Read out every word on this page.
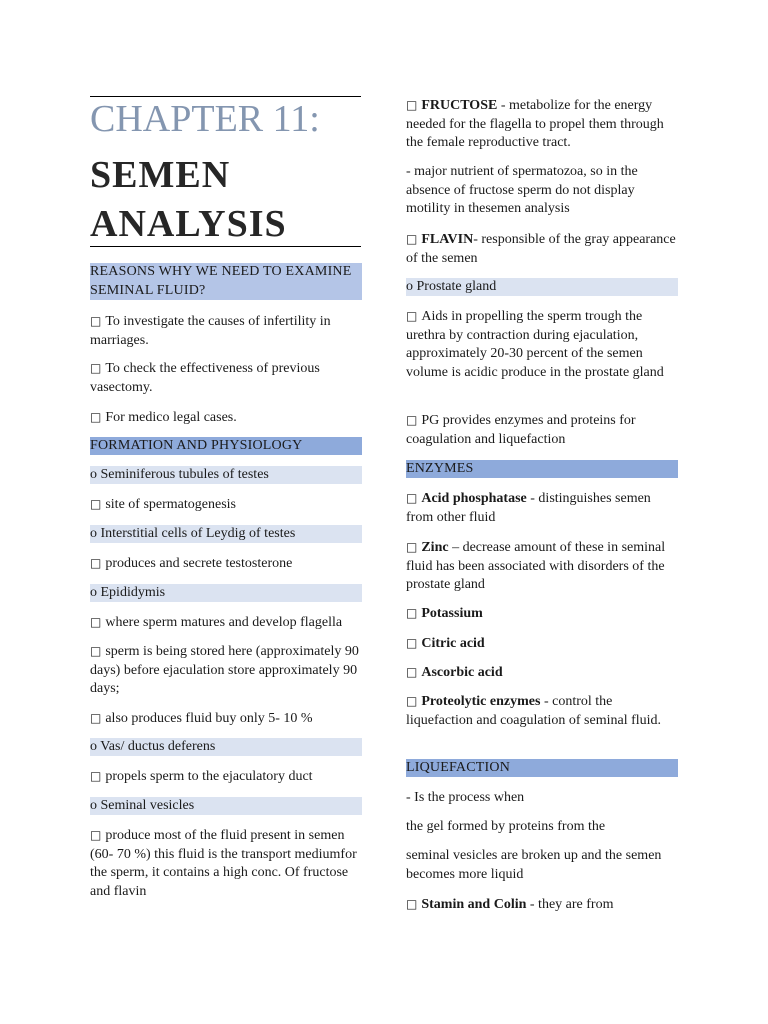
CHAPTER 11:
SEMEN
ANALYSIS
REASONS WHY WE NEED TO EXAMINE SEMINAL FLUID?
□ To investigate the causes of infertility in marriages.
□ To check the effectiveness of previous vasectomy.
□ For medico legal cases.
FORMATION AND PHYSIOLOGY
o Seminiferous tubules of testes
□ site of spermatogenesis
o Interstitial cells of Leydig of testes
□ produces and secrete testosterone
o Epididymis
□ where sperm matures and develop flagella
□ sperm is being stored here (approximately 90 days) before ejaculation store approximately 90 days;
□ also produces fluid buy only 5- 10 %
o Vas/ ductus deferens
□ propels sperm to the ejaculatory duct
o Seminal vesicles
□ produce most of the fluid present in semen (60- 70 %) this fluid is the transport mediumfor the sperm, it contains a high conc. Of fructose and flavin
□ FRUCTOSE - metabolize for the energy needed for the flagella to propel them through the female reproductive tract.
- major nutrient of spermatozoa, so in the absence of fructose sperm do not display motility in thesemen analysis
□ FLAVIN- responsible of the gray appearance of the semen
o Prostate gland
□ Aids in propelling the sperm trough the urethra by contraction during ejaculation, approximately 20-30 percent of the semen volume is acidic produce in the prostate gland
□ PG provides enzymes and proteins for coagulation and liquefaction
ENZYMES
□ Acid phosphatase - distinguishes semen from other fluid
□ Zinc – decrease amount of these in seminal fluid has been associated with disorders of the prostate gland
□ Potassium
□ Citric acid
□ Ascorbic acid
□ Proteolytic enzymes - control the liquefaction and coagulation of seminal fluid.
LIQUEFACTION
- Is the process when
the gel formed by proteins from the
seminal vesicles are broken up and the semen becomes more liquid
□ Stamin and Colin - they are from
